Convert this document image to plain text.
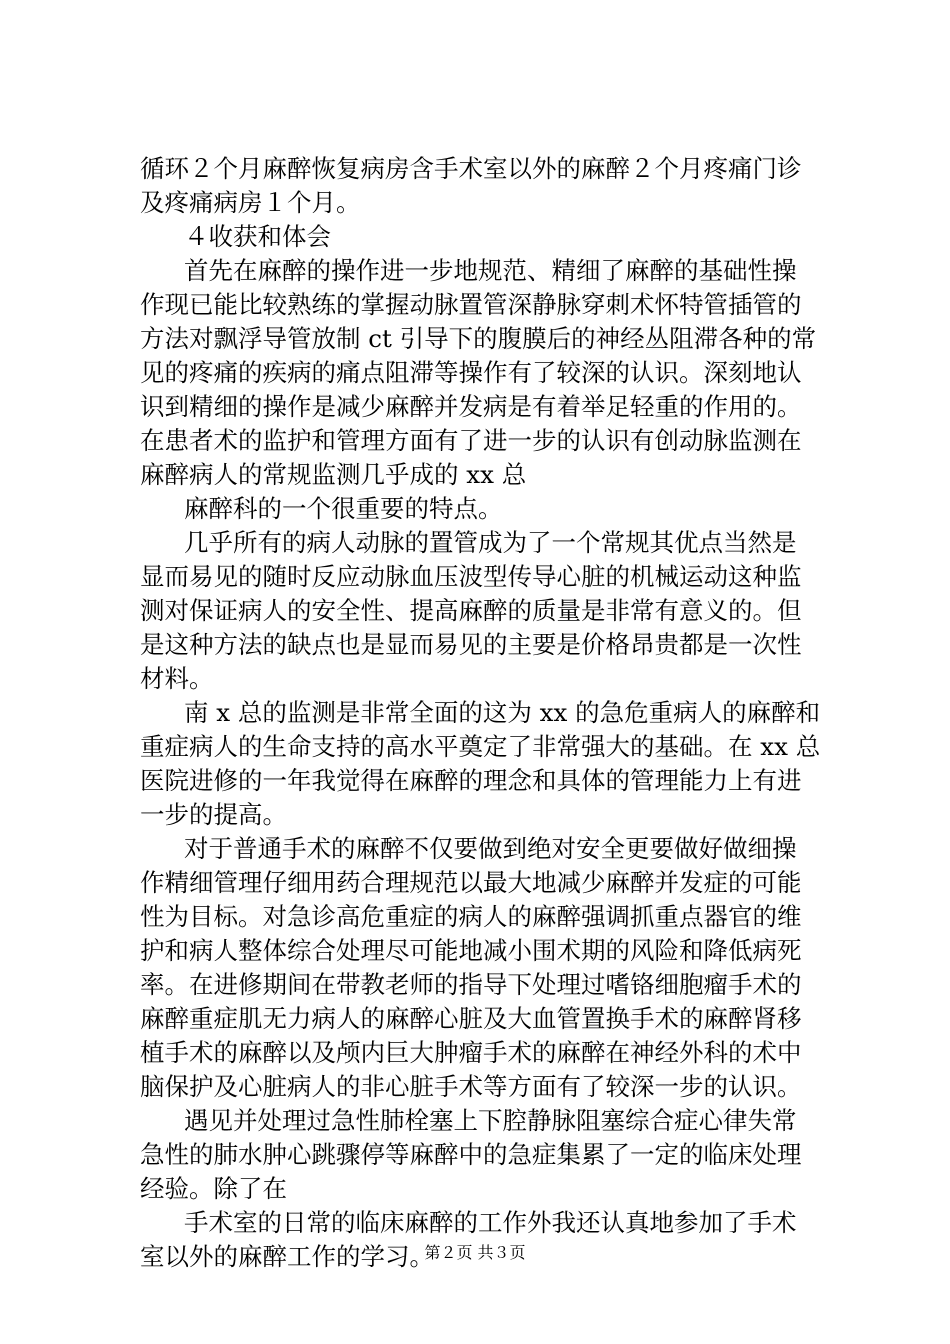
循环２个月麻醉恢复病房含手术室以外的麻醉２个月疼痛门诊
及疼痛病房１个月。
４收获和体会
首先在麻醉的操作进一步地规范、精细了麻醉的基础性操
作现已能比较熟练的掌握动脉置管深静脉穿刺术怀特管插管的
方法对飘浮导管放制 ct 引导下的腹膜后的神经丛阻滞各种的常
见的疼痛的疾病的痛点阻滞等操作有了较深的认识。深刻地认
识到精细的操作是减少麻醉并发病是有着举足轻重的作用的。
在患者术的监护和管理方面有了进一步的认识有创动脉监测在
麻醉病人的常规监测几乎成的 xx 总
麻醉科的一个很重要的特点。
几乎所有的病人动脉的置管成为了一个常规其优点当然是
显而易见的随时反应动脉血压波型传导心脏的机械运动这种监
测对保证病人的安全性、提高麻醉的质量是非常有意义的。但
是这种方法的缺点也是显而易见的主要是价格昂贵都是一次性
材料。
南 x 总的监测是非常全面的这为 xx 的急危重病人的麻醉和
重症病人的生命支持的高水平奠定了非常强大的基础。在 xx 总
医院进修的一年我觉得在麻醉的理念和具体的管理能力上有进
一步的提高。
对于普通手术的麻醉不仅要做到绝对安全更要做好做细操
作精细管理仔细用药合理规范以最大地减少麻醉并发症的可能
性为目标。对急诊高危重症的病人的麻醉强调抓重点器官的维
护和病人整体综合处理尽可能地减小围术期的风险和降低病死
率。在进修期间在带教老师的指导下处理过嗜铬细胞瘤手术的
麻醉重症肌无力病人的麻醉心脏及大血管置换手术的麻醉肾移
植手术的麻醉以及颅内巨大肿瘤手术的麻醉在神经外科的术中
脑保护及心脏病人的非心脏手术等方面有了较深一步的认识。
遇见并处理过急性肺栓塞上下腔静脉阻塞综合症心律失常
急性的肺水肿心跳骤停等麻醉中的急症集累了一定的临床处理
经验。除了在
手术室的日常的临床麻醉的工作外我还认真地参加了手术
室以外的麻醉工作的学习。
第２页 共３页
